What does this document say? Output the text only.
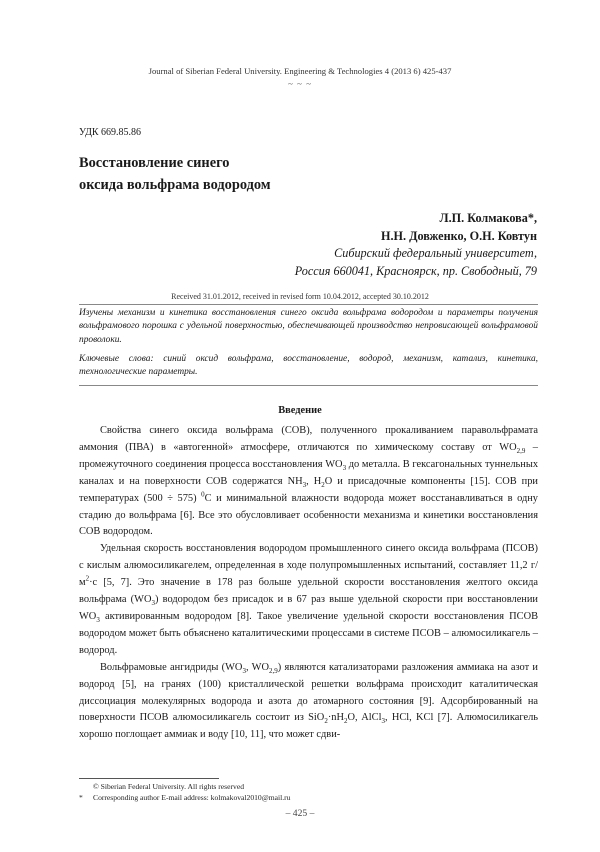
Journal of Siberian Federal University. Engineering & Technologies 4 (2013 6) 425-437
~ ~ ~
УДК 669.85.86
Восстановление синего
оксида вольфрама водородом
Л.П. Колмакова*,
Н.Н. Довженко, О.Н. Ковтун
Сибирский федеральный университет,
Россия 660041, Красноярск, пр. Свободный, 79
Received 31.01.2012, received in revised form 10.04.2012, accepted 30.10.2012

Изучены механизм и кинетика восстановления синего оксида вольфрама водородом и параметры получения вольфрамового порошка с удельной поверхностью, обеспечивающей производство непровисающей вольфрамовой проволоки.

Ключевые слова: синий оксид вольфрама, восстановление, водород, механизм, катализ, кинетика, технологические параметры.

Введение

Свойства синего оксида вольфрама (СОВ), полученного прокаливанием паравольфрамата аммония (ПВА) в «автогенной» атмосфере, отличаются по химическому составу от $WO_{2,9}$ – промежуточного соединения процесса восстановления $WO_3$ до металла. В гексагональных туннельных каналах и на поверхности СОВ содержатся $NH_3$, $H_2O$ и присадочные компоненты [15]. СОВ при температурах (500 ÷ 575) $^0$С и минимальной влажности водорода может восстанавливаться в одну стадию до вольфрама [6]. Все это обусловливает особенности механизма и кинетики восстановления СОВ водородом.

Удельная скорость восстановления водородом промышленного синего оксида вольфрама (ПСОВ) с кислым алюмосиликагелем, определенная в ходе полупромышленных испытаний, составляет 11,2 $г/м^2\cdot с$ [5, 7]. Это значение в 178 раз больше удельной скорости восстановления желтого оксида вольфрама $(WO_3)$ водородом без присадок и в 67 раз выше удельной скорости при восстановлении $WO_3$ активированным водородом [8]. Такое увеличение удельной скорости восстановления ПСОВ водородом может быть объяснено каталитическими процессами в системе ПСОВ – алюмосиликагель – водород.

Вольфрамовые ангидриды ($WO_3$, $WO_{2,9}$) являются катализаторами разложения аммиака на азот и водород [5], на гранях (100) кристаллической решетки вольфрама происходит каталитическая диссоциация молекулярных водорода и азота до атомарного состояния [9]. Адсорбированный на поверхности ПСОВ алюмосиликагель состоит из $SiO_2\cdot nH_2O$, AlCl$_3$, HCl, KCl [7]. Алюмосиликагель хорошо поглощает аммиак и воду [10, 11], что может сдви-

© Siberian Federal University. All rights reserved
* Corresponding author E-mail address: kolmakoval2010@mail.ru
– 425 –
